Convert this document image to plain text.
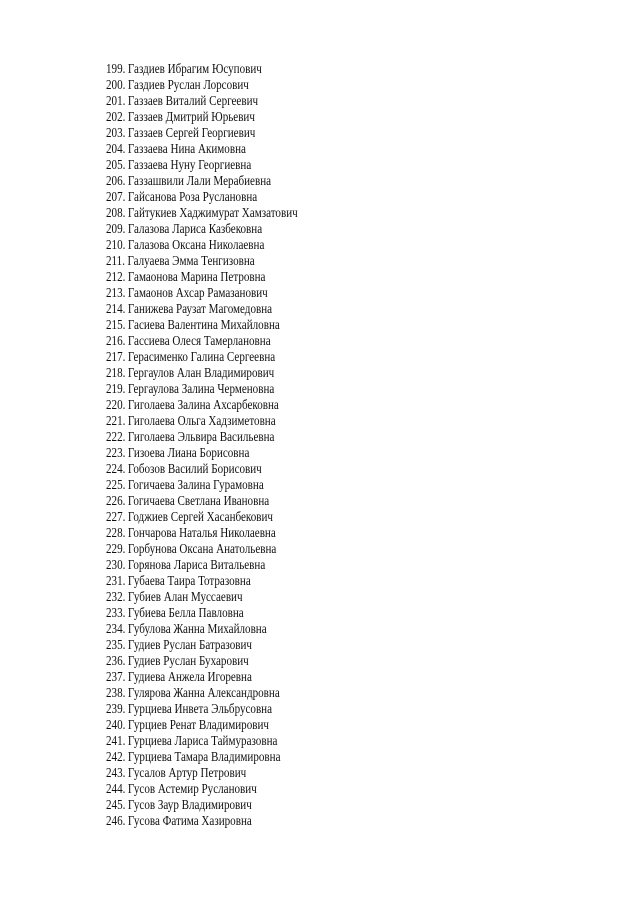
199. Газдиев Ибрагим Юсупович
200. Газдиев Руслан Лорсович
201. Газзаев Виталий Сергеевич
202. Газзаев Дмитрий Юрьевич
203. Газзаев Сергей Георгиевич
204. Газзаева Нина Акимовна
205. Газзаева Нуну Георгиевна
206. Газзашвили Лали Мерабиевна
207. Гайсанова Роза Руслановна
208. Гайтукиев Хаджимурат Хамзатович
209. Галазова Лариса Казбековна
210. Галазова Оксана Николаевна
211. Галуаева Эмма Тенгизовна
212. Гамаонова Марина Петровна
213. Гамаонов Ахсар Рамазанович
214. Ганижева Раузат Магомедовна
215. Гасиева Валентина Михайловна
216. Гассиева Олеся Тамерлановна
217. Герасименко Галина Сергеевна
218. Гергаулов Алан Владимирович
219. Гергаулова Залина Черменовна
220. Гиголаева Залина Ахсарбековна
221. Гиголаева Ольга Хадзиметовна
222. Гиголаева Эльвира Васильевна
223. Гизоева Лиана Борисовна
224. Гобозов Василий Борисович
225. Гогичаева Залина Гурамовна
226. Гогичаева Светлана Ивановна
227. Годжиев Сергей Хасанбекович
228. Гончарова Наталья Николаевна
229. Горбунова Оксана Анатольевна
230. Горянова Лариса Витальевна
231. Губаева Таира Тотразовна
232. Губиев Алан Муссаевич
233. Губиева Белла Павловна
234. Губулова Жанна Михайловна
235. Гудиев Руслан Батразович
236. Гудиев Руслан Бухарович
237. Гудиева Анжела Игоревна
238. Гулярова Жанна Александровна
239. Гурциева Инвета Эльбрусовна
240. Гурциев Ренат Владимирович
241. Гурциева Лариса Таймуразовна
242. Гурциева Тамара Владимировна
243. Гусалов Артур Петрович
244. Гусов Астемир Русланович
245. Гусов Заур Владимирович
246. Гусова Фатима Хазировна
